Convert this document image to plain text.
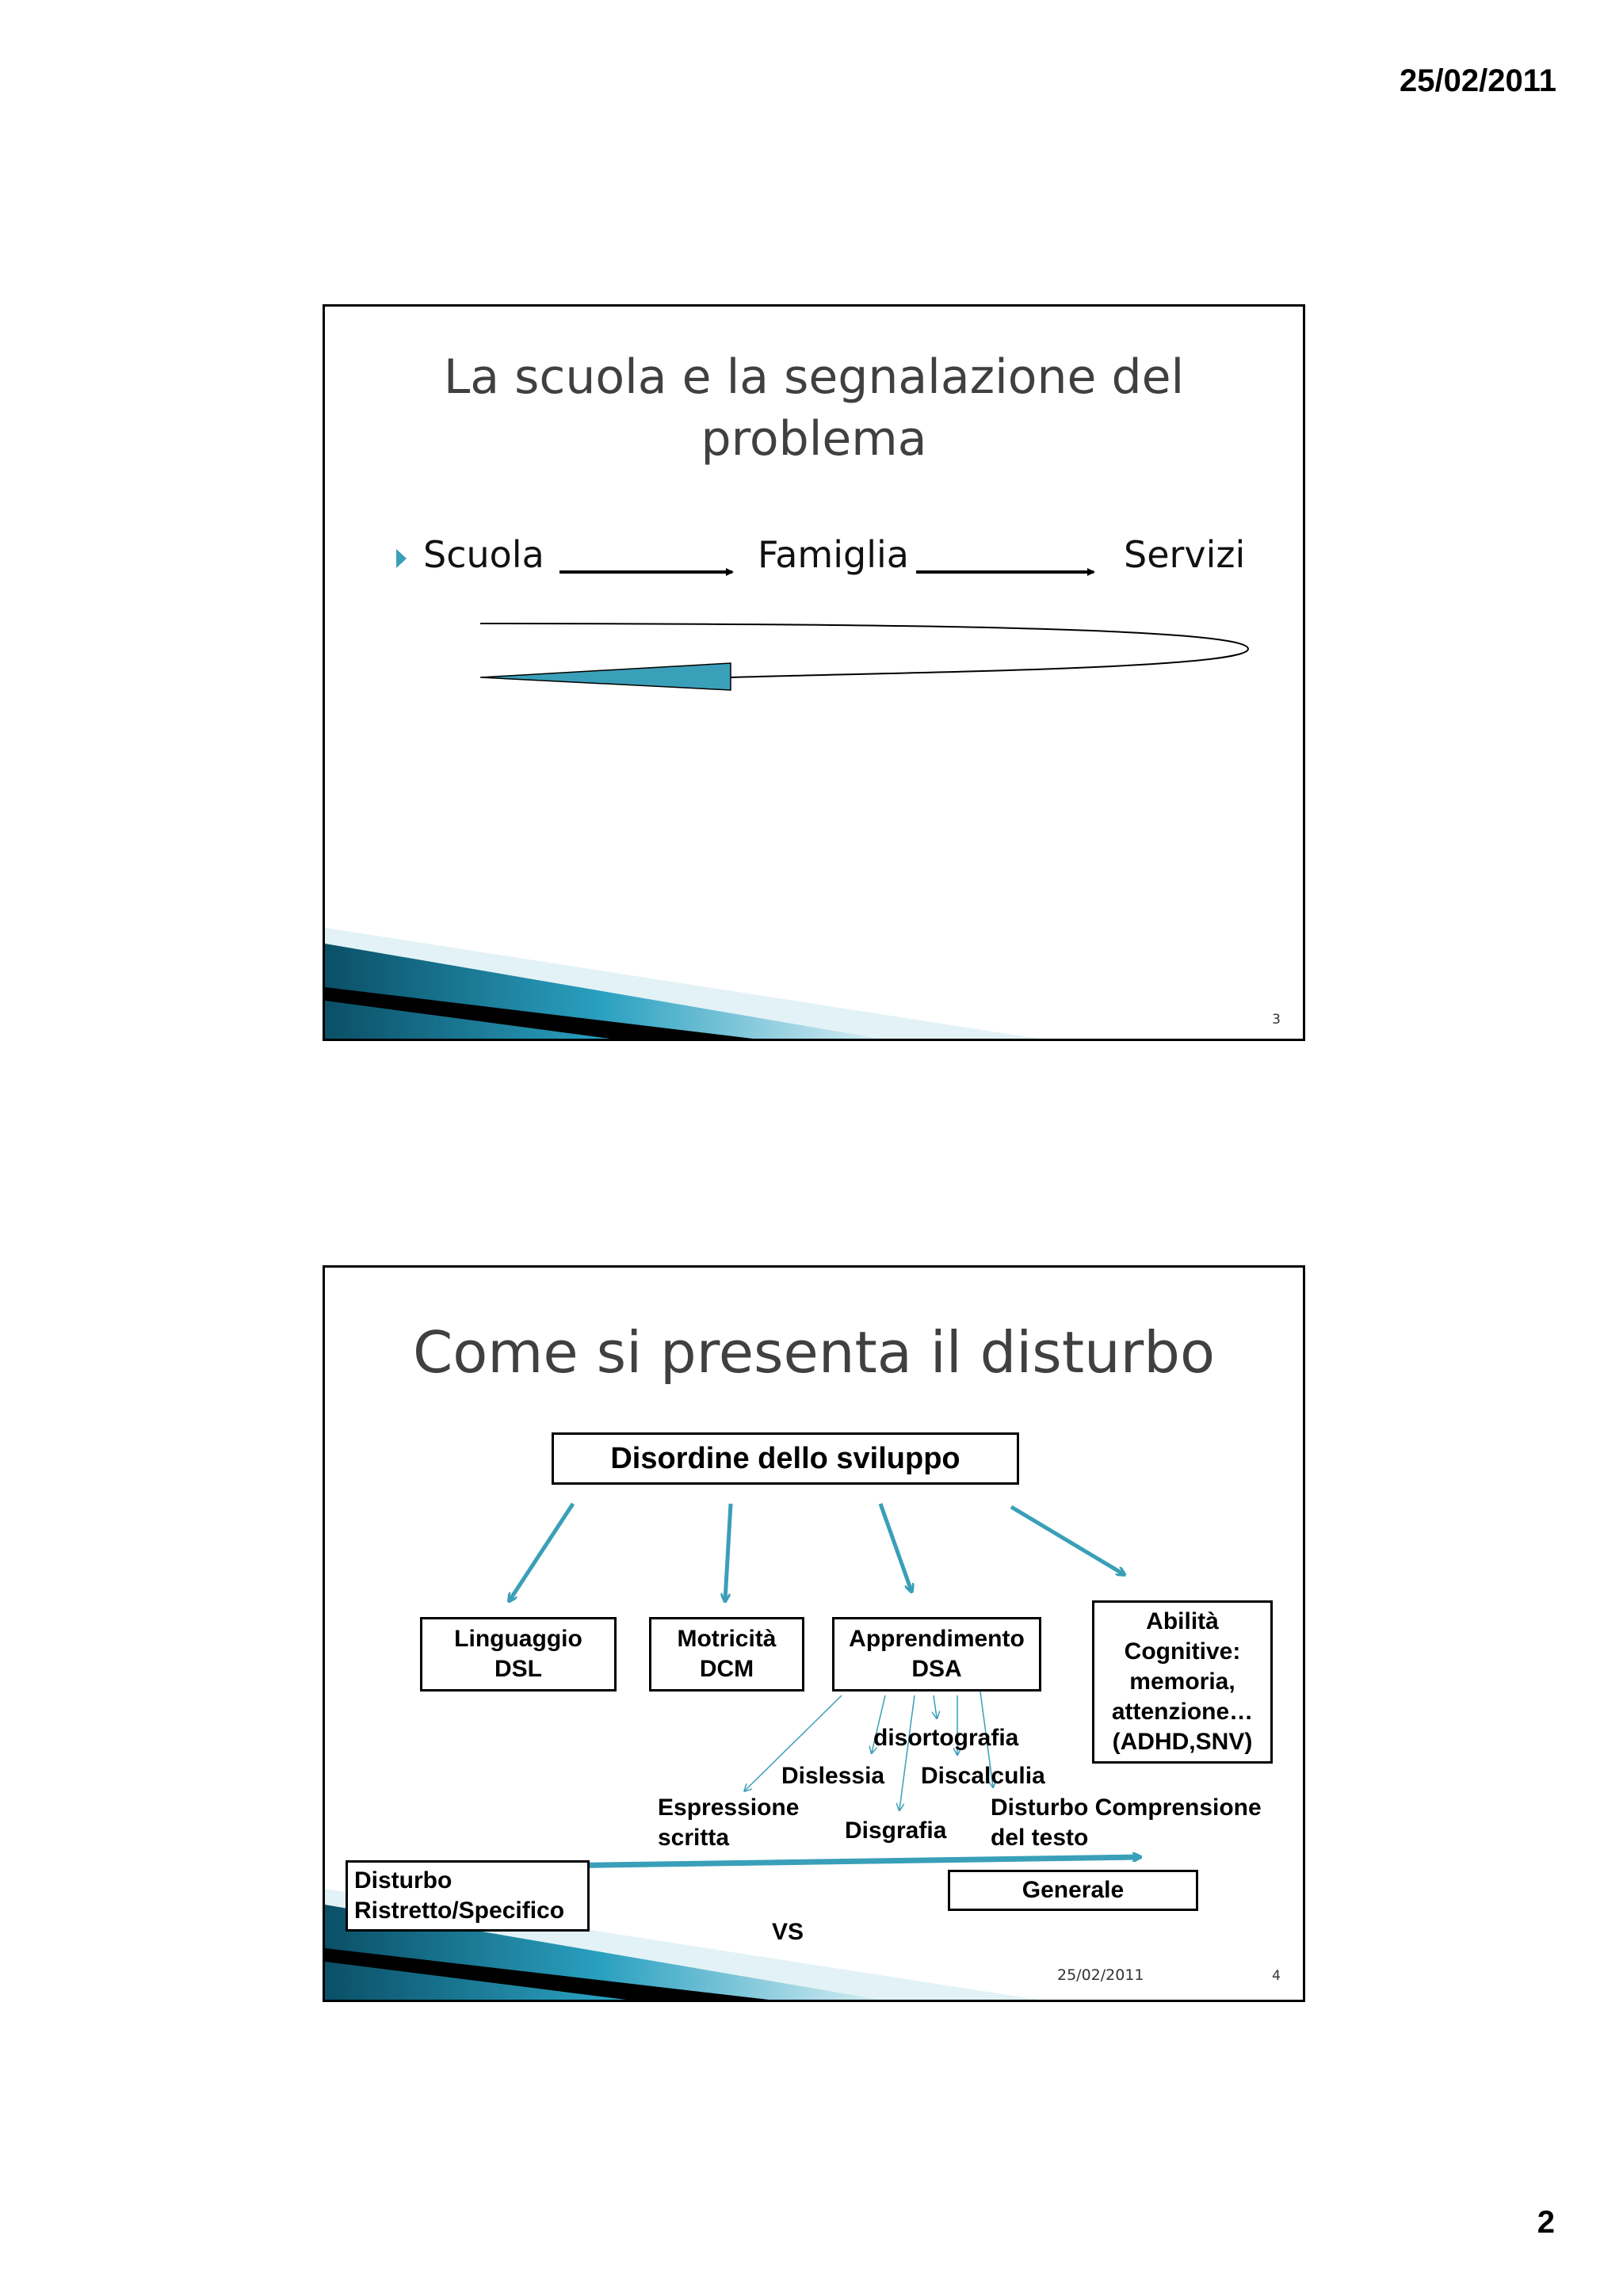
25/02/2011
La scuola e la segnalazione del problema
Scuola	Famiglia	Servizi
3
Come si presenta il disturbo
Disordine dello sviluppo
Linguaggio
DSL
Motricità
DCM
Apprendimento
DSA
Abilità
Cognitive:
memoria,
attenzione…
(ADHD,SNV)
disortografia
Dislessia Discalculia
Espressione
scritta	Disgrafia
Disturbo Comprensione
del testo
Disturbo
Ristretto/Specifico
Generale
VS
25/02/2011	4
2
